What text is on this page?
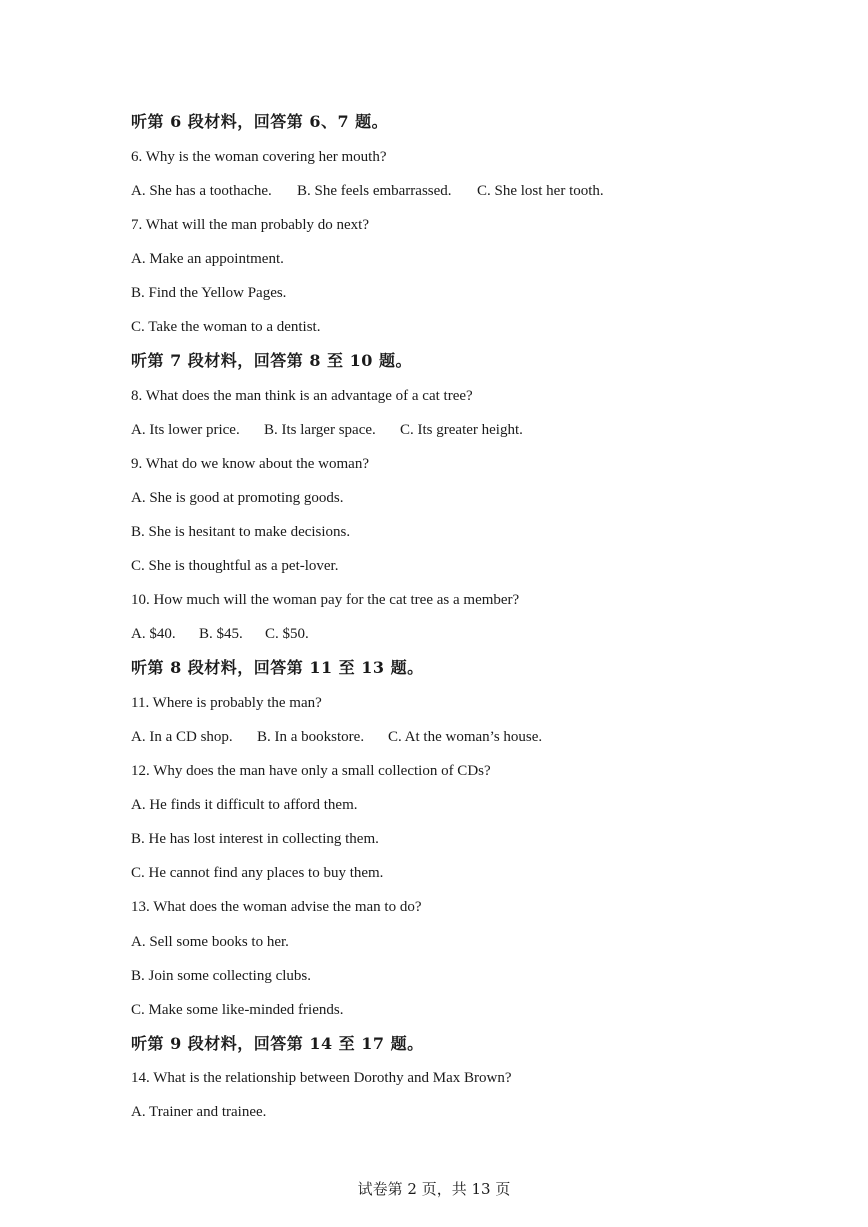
听第 6 段材料，回答第 6、7 题。
6. Why is the woman covering her mouth?
A. She has a toothache. B. She feels embarrassed. C. She lost her tooth.
7. What will the man probably do next?
A. Make an appointment.
B. Find the Yellow Pages.
C. Take the woman to a dentist.
听第 7 段材料，回答第 8 至 10 题。
8. What does the man think is an advantage of a cat tree?
A. Its lower price. B. Its larger space. C. Its greater height.
9. What do we know about the woman?
A. She is good at promoting goods.
B. She is hesitant to make decisions.
C. She is thoughtful as a pet-lover.
10. How much will the woman pay for the cat tree as a member?
A. $40. B. $45. C. $50.
听第 8 段材料，回答第 11 至 13 题。
11. Where is probably the man?
A. In a CD shop. B. In a bookstore. C. At the woman’s house.
12. Why does the man have only a small collection of CDs?
A. He finds it difficult to afford them.
B. He has lost interest in collecting them.
C. He cannot find any places to buy them.
13. What does the woman advise the man to do?
A. Sell some books to her.
B. Join some collecting clubs.
C. Make some like-minded friends.
听第 9 段材料，回答第 14 至 17 题。
14. What is the relationship between Dorothy and Max Brown?
A. Trainer and trainee.
试卷第 2 页，共 13 页
